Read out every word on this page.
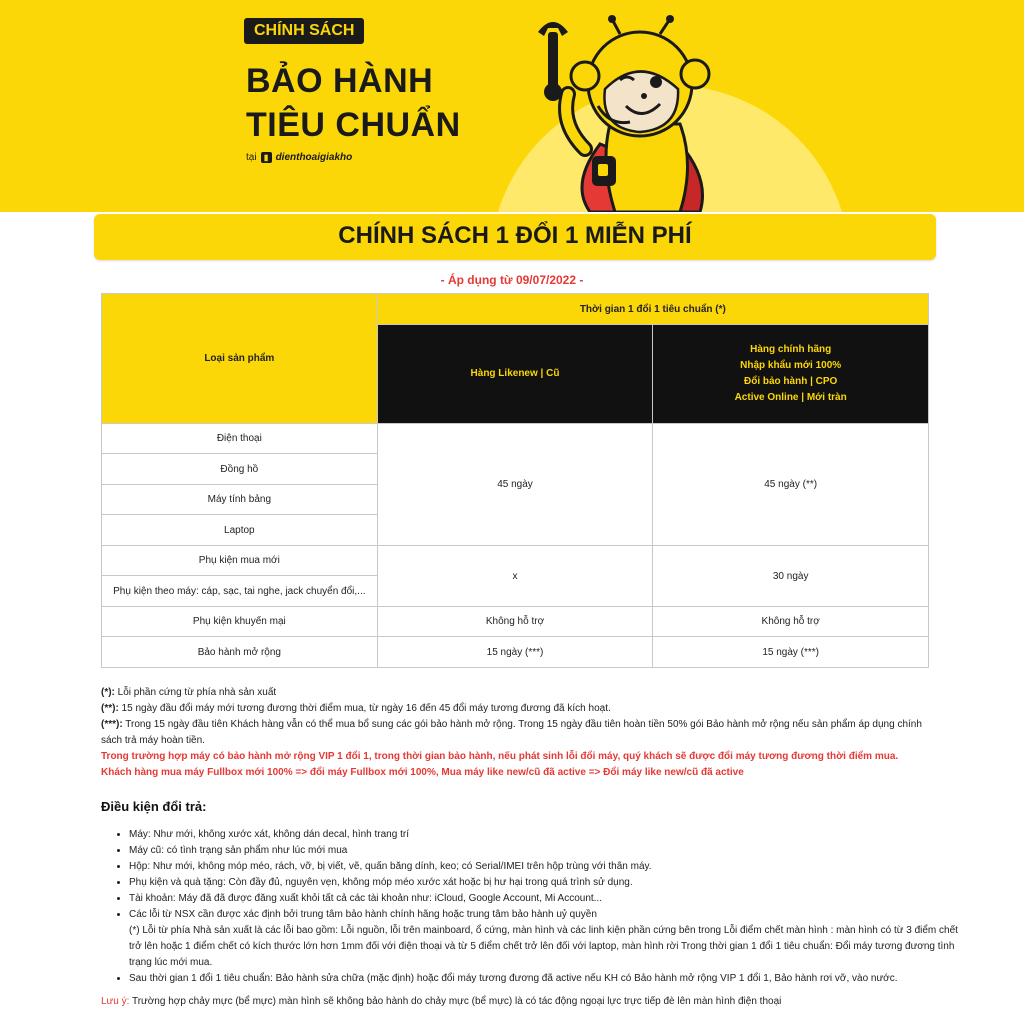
CHÍNH SÁCH
BẢO HÀNH
TIÊU CHUẨN
tại ▮ dienthoaigiakho
CHÍNH SÁCH 1 ĐỔI 1 MIỄN PHÍ
- Áp dụng từ 09/07/2022 -
Loại sản phẩm	Thời gian 1 đổi 1 tiêu chuẩn (*)	
	Hàng Likenew | Cũ	Hàng chính hãng
Nhập khẩu mới 100%
Đổi bảo hành | CPO
Active Online | Mới tràn

Điện thoại	45 ngày	45 ngày (**)
Đồng hồ		
Máy tính bảng		
Laptop		
Phụ kiện mua mới	x	30 ngày
Phụ kiện theo máy: cáp, sạc, tai nghe, jack chuyển đổi,...		
Phụ kiện khuyến mại	Không hỗ trợ	Không hỗ trợ
Bảo hành mở rộng	15 ngày (***)	15 ngày (***)

(*): Lỗi phần cứng từ phía nhà sản xuất

(**): 15 ngày đầu đổi máy mới tương đương thời điểm mua, từ ngày 16 đến 45 đổi máy tương đương đã kích hoạt.

(***): Trong 15 ngày đầu tiên Khách hàng vẫn có thể mua bổ sung các gói bảo hành mở rộng. Trong 15 ngày đầu tiên hoàn tiền 50% gói Bảo hành mở rộng nếu sản phẩm áp dụng chính sách trả máy hoàn tiền.

Trong trường hợp máy có bảo hành mở rộng VIP 1 đổi 1, trong thời gian bảo hành, nếu phát sinh lỗi đổi máy, quý khách sẽ được đổi máy tương đương thời điểm mua. Khách hàng mua máy Fullbox mới 100% => đổi máy Fullbox mới 100%, Mua máy like new/cũ đã active => Đổi máy like new/cũ đã active

Điều kiện đổi trả:
• Máy: Như mới, không xước xát, không dán decal, hình trang trí
• Máy cũ: có tình trạng sản phẩm như lúc mới mua
• Hộp: Như mới, không móp méo, rách, vỡ, bị viết, vẽ, quấn băng dính, keo; có Serial/IMEI trên hộp trùng với thân máy.
• Phụ kiện và quà tặng: Còn đầy đủ, nguyên vẹn, không móp méo xước xát hoặc bị hư hại trong quá trình sử dụng.
• Tài khoản: Máy đã đã được đăng xuất khỏi tất cả các tài khoản như: iCloud, Google Account, Mi Account...
• Các lỗi từ NSX cần được xác định bởi trung tâm bảo hành chính hãng hoặc trung tâm bảo hành uỷ quyền
(*) Lỗi từ phía Nhà sản xuất là các lỗi bao gồm: Lỗi nguồn, lỗi trên mainboard, ổ cứng, màn hình và các linh kiện phần cứng bên trong Lỗi điểm chết màn hình : màn hình có từ 3 điểm chết trở lên hoặc 1 điểm chết có kích thước lớn hơn 1mm đối với điện thoại và từ 5 điểm chết trở lên đối với laptop, màn hình rời Trong thời gian 1 đổi 1 tiêu chuẩn: Đổi máy tương đương tình trạng lúc mới mua.
• Sau thời gian 1 đổi 1 tiêu chuẩn: Bảo hành sửa chữa (mặc định) hoặc đổi máy tương đương đã active nếu KH có Bảo hành mở rộng VIP 1 đổi 1, Bảo hành rơi vỡ, vào nước.
Lưu ý: Trường hợp chảy mực (bể mực) màn hình sẽ không bảo hành do chảy mực (bể mực) là có tác động ngoại lực trực tiếp đè lên màn hình điện thoại
